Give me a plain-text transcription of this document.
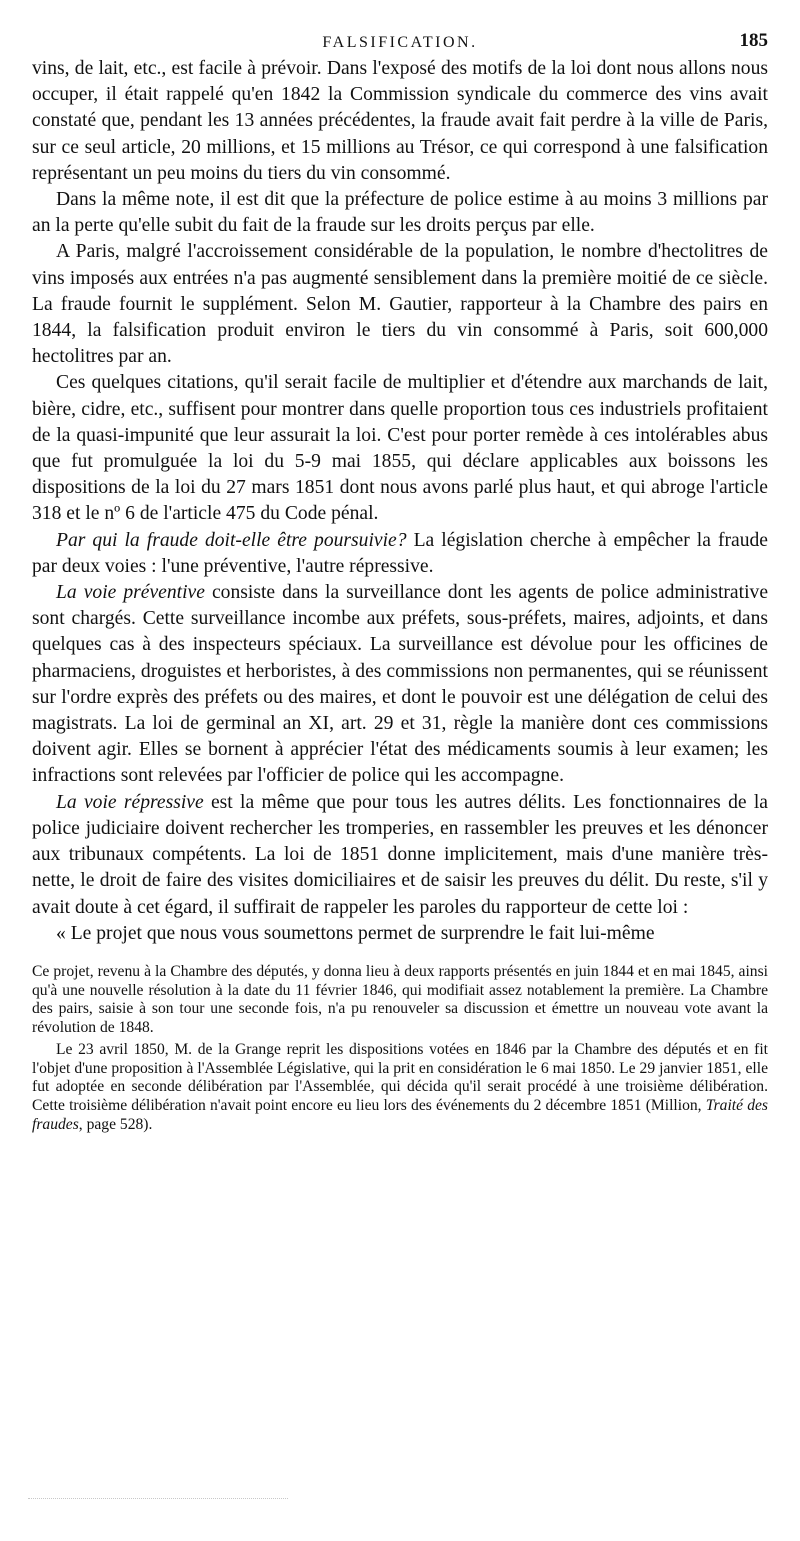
FALSIFICATION.	185

vins, de lait, etc., est facile à prévoir. Dans l'exposé des motifs de la loi dont nous allons nous occuper, il était rappelé qu'en 1842 la Commission syndicale du commerce des vins avait constaté que, pendant les 13 années précédentes, la fraude avait fait perdre à la ville de Paris, sur ce seul article, 20 millions, et 15 millions au Trésor, ce qui correspond à une falsification représentant un peu moins du tiers du vin consommé.

Dans la même note, il est dit que la préfecture de police estime à au moins 3 millions par an la perte qu'elle subit du fait de la fraude sur les droits perçus par elle.

A Paris, malgré l'accroissement considérable de la population, le nombre d'hectolitres de vins imposés aux entrées n'a pas augmenté sensiblement dans la première moitié de ce siècle. La fraude fournit le supplément. Selon M. Gautier, rapporteur à la Chambre des pairs en 1844, la falsification produit environ le tiers du vin consommé à Paris, soit 600,000 hectolitres par an.

Ces quelques citations, qu'il serait facile de multiplier et d'étendre aux marchands de lait, bière, cidre, etc., suffisent pour montrer dans quelle proportion tous ces industriels profitaient de la quasi-impunité que leur assurait la loi. C'est pour porter remède à ces intolérables abus que fut promulguée la loi du 5-9 mai 1855, qui déclare applicables aux boissons les dispositions de la loi du 27 mars 1851 dont nous avons parlé plus haut, et qui abroge l'article 318 et le nº 6 de l'article 475 du Code pénal.

Par qui la fraude doit-elle être poursuivie? La législation cherche à empêcher la fraude par deux voies : l'une préventive, l'autre répressive.

La voie préventive consiste dans la surveillance dont les agents de police administrative sont chargés. Cette surveillance incombe aux préfets, sous-préfets, maires, adjoints, et dans quelques cas à des inspecteurs spéciaux. La surveillance est dévolue pour les officines de pharmaciens, droguistes et herboristes, à des commissions non permanentes, qui se réunissent sur l'ordre exprès des préfets ou des maires, et dont le pouvoir est une délégation de celui des magistrats. La loi de germinal an XI, art. 29 et 31, règle la manière dont ces commissions doivent agir. Elles se bornent à apprécier l'état des médicaments soumis à leur examen; les infractions sont relevées par l'officier de police qui les accompagne.

La voie répressive est la même que pour tous les autres délits. Les fonctionnaires de la police judiciaire doivent rechercher les tromperies, en rassembler les preuves et les dénoncer aux tribunaux compétents. La loi de 1851 donne implicitement, mais d'une manière très-nette, le droit de faire des visites domiciliaires et de saisir les preuves du délit. Du reste, s'il y avait doute à cet égard, il suffirait de rappeler les paroles du rapporteur de cette loi :

« Le projet que nous vous soumettons permet de surprendre le fait lui-même

Ce projet, revenu à la Chambre des députés, y donna lieu à deux rapports présentés en juin 1844 et en mai 1845, ainsi qu'à une nouvelle résolution à la date du 11 février 1846, qui modifiait assez notablement la première. La Chambre des pairs, saisie à son tour une seconde fois, n'a pu renouveler sa discussion et émettre un nouveau vote avant la révolution de 1848.

Le 23 avril 1850, M. de la Grange reprit les dispositions votées en 1846 par la Chambre des députés et en fit l'objet d'une proposition à l'Assemblée Législative, qui la prit en considération le 6 mai 1850. Le 29 janvier 1851, elle fut adoptée en seconde délibération par l'Assemblée, qui décida qu'il serait procédé à une troisième délibération. Cette troisième délibération n'avait point encore eu lieu lors des événements du 2 décembre 1851 (Million, Traité des fraudes, page 528).
